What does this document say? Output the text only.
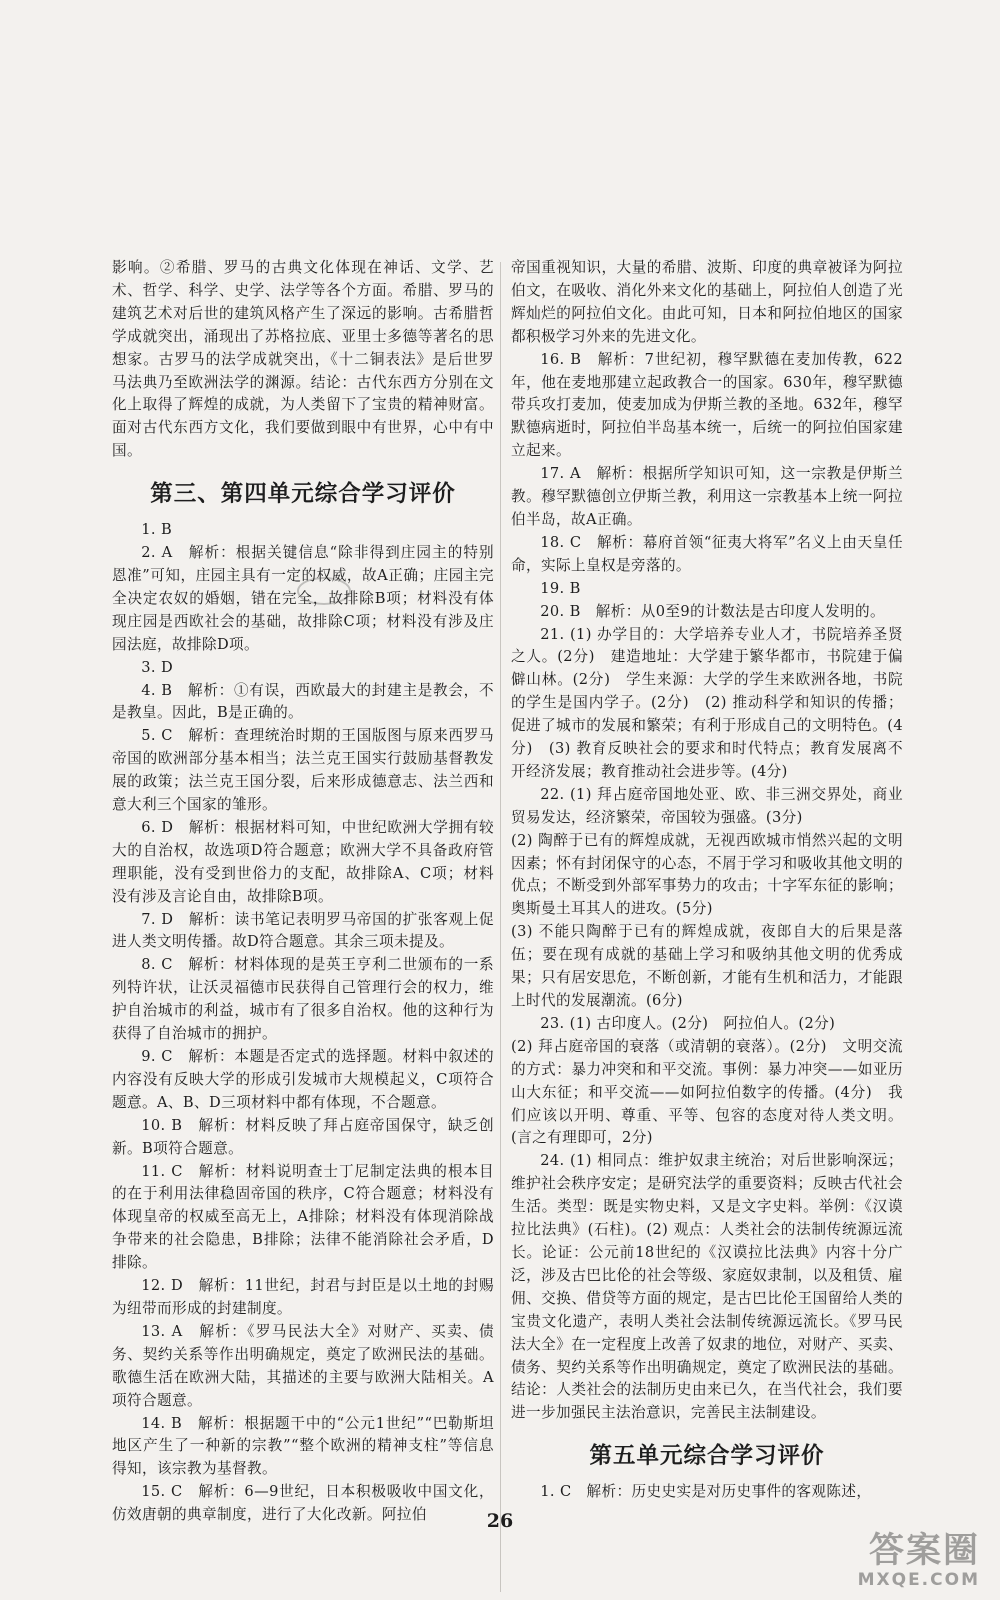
影响。②希腊、罗马的古典文化体现在神话、文学、艺术、哲学、科学、史学、法学等各个方面。希腊、罗马的建筑艺术对后世的建筑风格产生了深远的影响。古希腊哲学成就突出，涌现出了苏格拉底、亚里士多德等著名的思想家。古罗马的法学成就突出，《十二铜表法》是后世罗马法典乃至欧洲法学的渊源。结论：古代东西方分别在文化上取得了辉煌的成就，为人类留下了宝贵的精神财富。面对古代东西方文化，我们要做到眼中有世界，心中有中国。

第三、第四单元综合学习评价

1. B

2. A　解析：根据关键信息“除非得到庄园主的特别恩准”可知，庄园主具有一定的权威，故A正确；庄园主完全决定农奴的婚姻，错在完全，故排除B项；材料没有体现庄园是西欧社会的基础，故排除C项；材料没有涉及庄园法庭，故排除D项。

3. D

4. B　解析：①有误，西欧最大的封建主是教会，不是教皇。因此，B是正确的。

5. C　解析：查理统治时期的王国版图与原来西罗马帝国的欧洲部分基本相当；法兰克王国实行鼓励基督教发展的政策；法兰克王国分裂，后来形成德意志、法兰西和意大利三个国家的雏形。

6. D　解析：根据材料可知，中世纪欧洲大学拥有较大的自治权，故选项D符合题意；欧洲大学不具备政府管理职能，没有受到世俗力的支配，故排除A、C项；材料没有涉及言论自由，故排除B项。

7. D　解析：读书笔记表明罗马帝国的扩张客观上促进人类文明传播。故D符合题意。其余三项未提及。

8. C　解析：材料体现的是英王亨利二世颁布的一系列特许状，让沃灵福德市民获得自己管理行会的权力，维护自治城市的利益，城市有了很多自治权。他的这种行为获得了自治城市的拥护。

9. C　解析：本题是否定式的选择题。材料中叙述的内容没有反映大学的形成引发城市大规模起义，C项符合题意。A、B、D三项材料中都有体现，不合题意。

10. B　解析：材料反映了拜占庭帝国保守，缺乏创新。B项符合题意。

11. C　解析：材料说明查士丁尼制定法典的根本目的在于利用法律稳固帝国的秩序，C符合题意；材料没有体现皇帝的权威至高无上，A排除；材料没有体现消除战争带来的社会隐患，B排除；法律不能消除社会矛盾，D排除。

12. D　解析：11世纪，封君与封臣是以土地的封赐为纽带而形成的封建制度。

13. A　解析：《罗马民法大全》对财产、买卖、债务、契约关系等作出明确规定，奠定了欧洲民法的基础。歌德生活在欧洲大陆，其描述的主要与欧洲大陆相关。A项符合题意。

14. B　解析：根据题干中的“公元1世纪”“巴勒斯坦地区产生了一种新的宗教”“整个欧洲的精神支柱”等信息得知，该宗教为基督教。

15. C　解析：6—9世纪，日本积极吸收中国文化，仿效唐朝的典章制度，进行了大化改新。阿拉伯

帝国重视知识，大量的希腊、波斯、印度的典章被译为阿拉伯文，在吸收、消化外来文化的基础上，阿拉伯人创造了光辉灿烂的阿拉伯文化。由此可知，日本和阿拉伯地区的国家都积极学习外来的先进文化。

16. B　解析：7世纪初，穆罕默德在麦加传教，622年，他在麦地那建立起政教合一的国家。630年，穆罕默德带兵攻打麦加，使麦加成为伊斯兰教的圣地。632年，穆罕默德病逝时，阿拉伯半岛基本统一，后统一的阿拉伯国家建立起来。

17. A　解析：根据所学知识可知，这一宗教是伊斯兰教。穆罕默德创立伊斯兰教，利用这一宗教基本上统一阿拉伯半岛，故A正确。

18. C　解析：幕府首领“征夷大将军”名义上由天皇任命，实际上皇权是旁落的。

19. B

20. B　解析：从0至9的计数法是古印度人发明的。

21. (1) 办学目的：大学培养专业人才，书院培养圣贤之人。(2分)　建造地址：大学建于繁华都市，书院建于偏僻山林。(2分)　学生来源：大学的学生来欧洲各地，书院的学生是国内学子。(2分)　(2) 推动科学和知识的传播；促进了城市的发展和繁荣；有利于形成自己的文明特色。(4分)　(3) 教育反映社会的要求和时代特点；教育发展离不开经济发展；教育推动社会进步等。(4分)

22. (1) 拜占庭帝国地处亚、欧、非三洲交界处，商业贸易发达，经济繁荣，帝国较为强盛。(3分)

(2) 陶醉于已有的辉煌成就，无视西欧城市悄然兴起的文明因素；怀有封闭保守的心态，不屑于学习和吸收其他文明的优点；不断受到外部军事势力的攻击；十字军东征的影响；奥斯曼土耳其人的进攻。(5分)

(3) 不能只陶醉于已有的辉煌成就，夜郎自大的后果是落伍；要在现有成就的基础上学习和吸纳其他文明的优秀成果；只有居安思危，不断创新，才能有生机和活力，才能跟上时代的发展潮流。(6分)

23. (1) 古印度人。(2分)　阿拉伯人。(2分)

(2) 拜占庭帝国的衰落（或清朝的衰落）。(2分)　文明交流的方式：暴力冲突和和平交流。事例：暴力冲突——如亚历山大东征；和平交流——如阿拉伯数字的传播。(4分)　我们应该以开明、尊重、平等、包容的态度对待人类文明。(言之有理即可，2分)

24. (1) 相同点：维护奴隶主统治；对后世影响深远；维护社会秩序安定；是研究法学的重要资料；反映古代社会生活。类型：既是实物史料，又是文字史料。举例：《汉谟拉比法典》(石柱)。(2) 观点：人类社会的法制传统源远流长。论证：公元前18世纪的《汉谟拉比法典》内容十分广泛，涉及古巴比伦的社会等级、家庭奴隶制，以及租赁、雇佣、交换、借贷等方面的规定，是古巴比伦王国留给人类的宝贵文化遗产，表明人类社会法制传统源远流长。《罗马民法大全》在一定程度上改善了奴隶的地位，对财产、买卖、债务、契约关系等作出明确规定，奠定了欧洲民法的基础。结论：人类社会的法制历史由来已久，在当代社会，我们要进一步加强民主法治意识，完善民主法制建设。

第五单元综合学习评价

1. C　解析：历史史实是对历史事件的客观陈述，

26
答案圈
MXQE.COM
